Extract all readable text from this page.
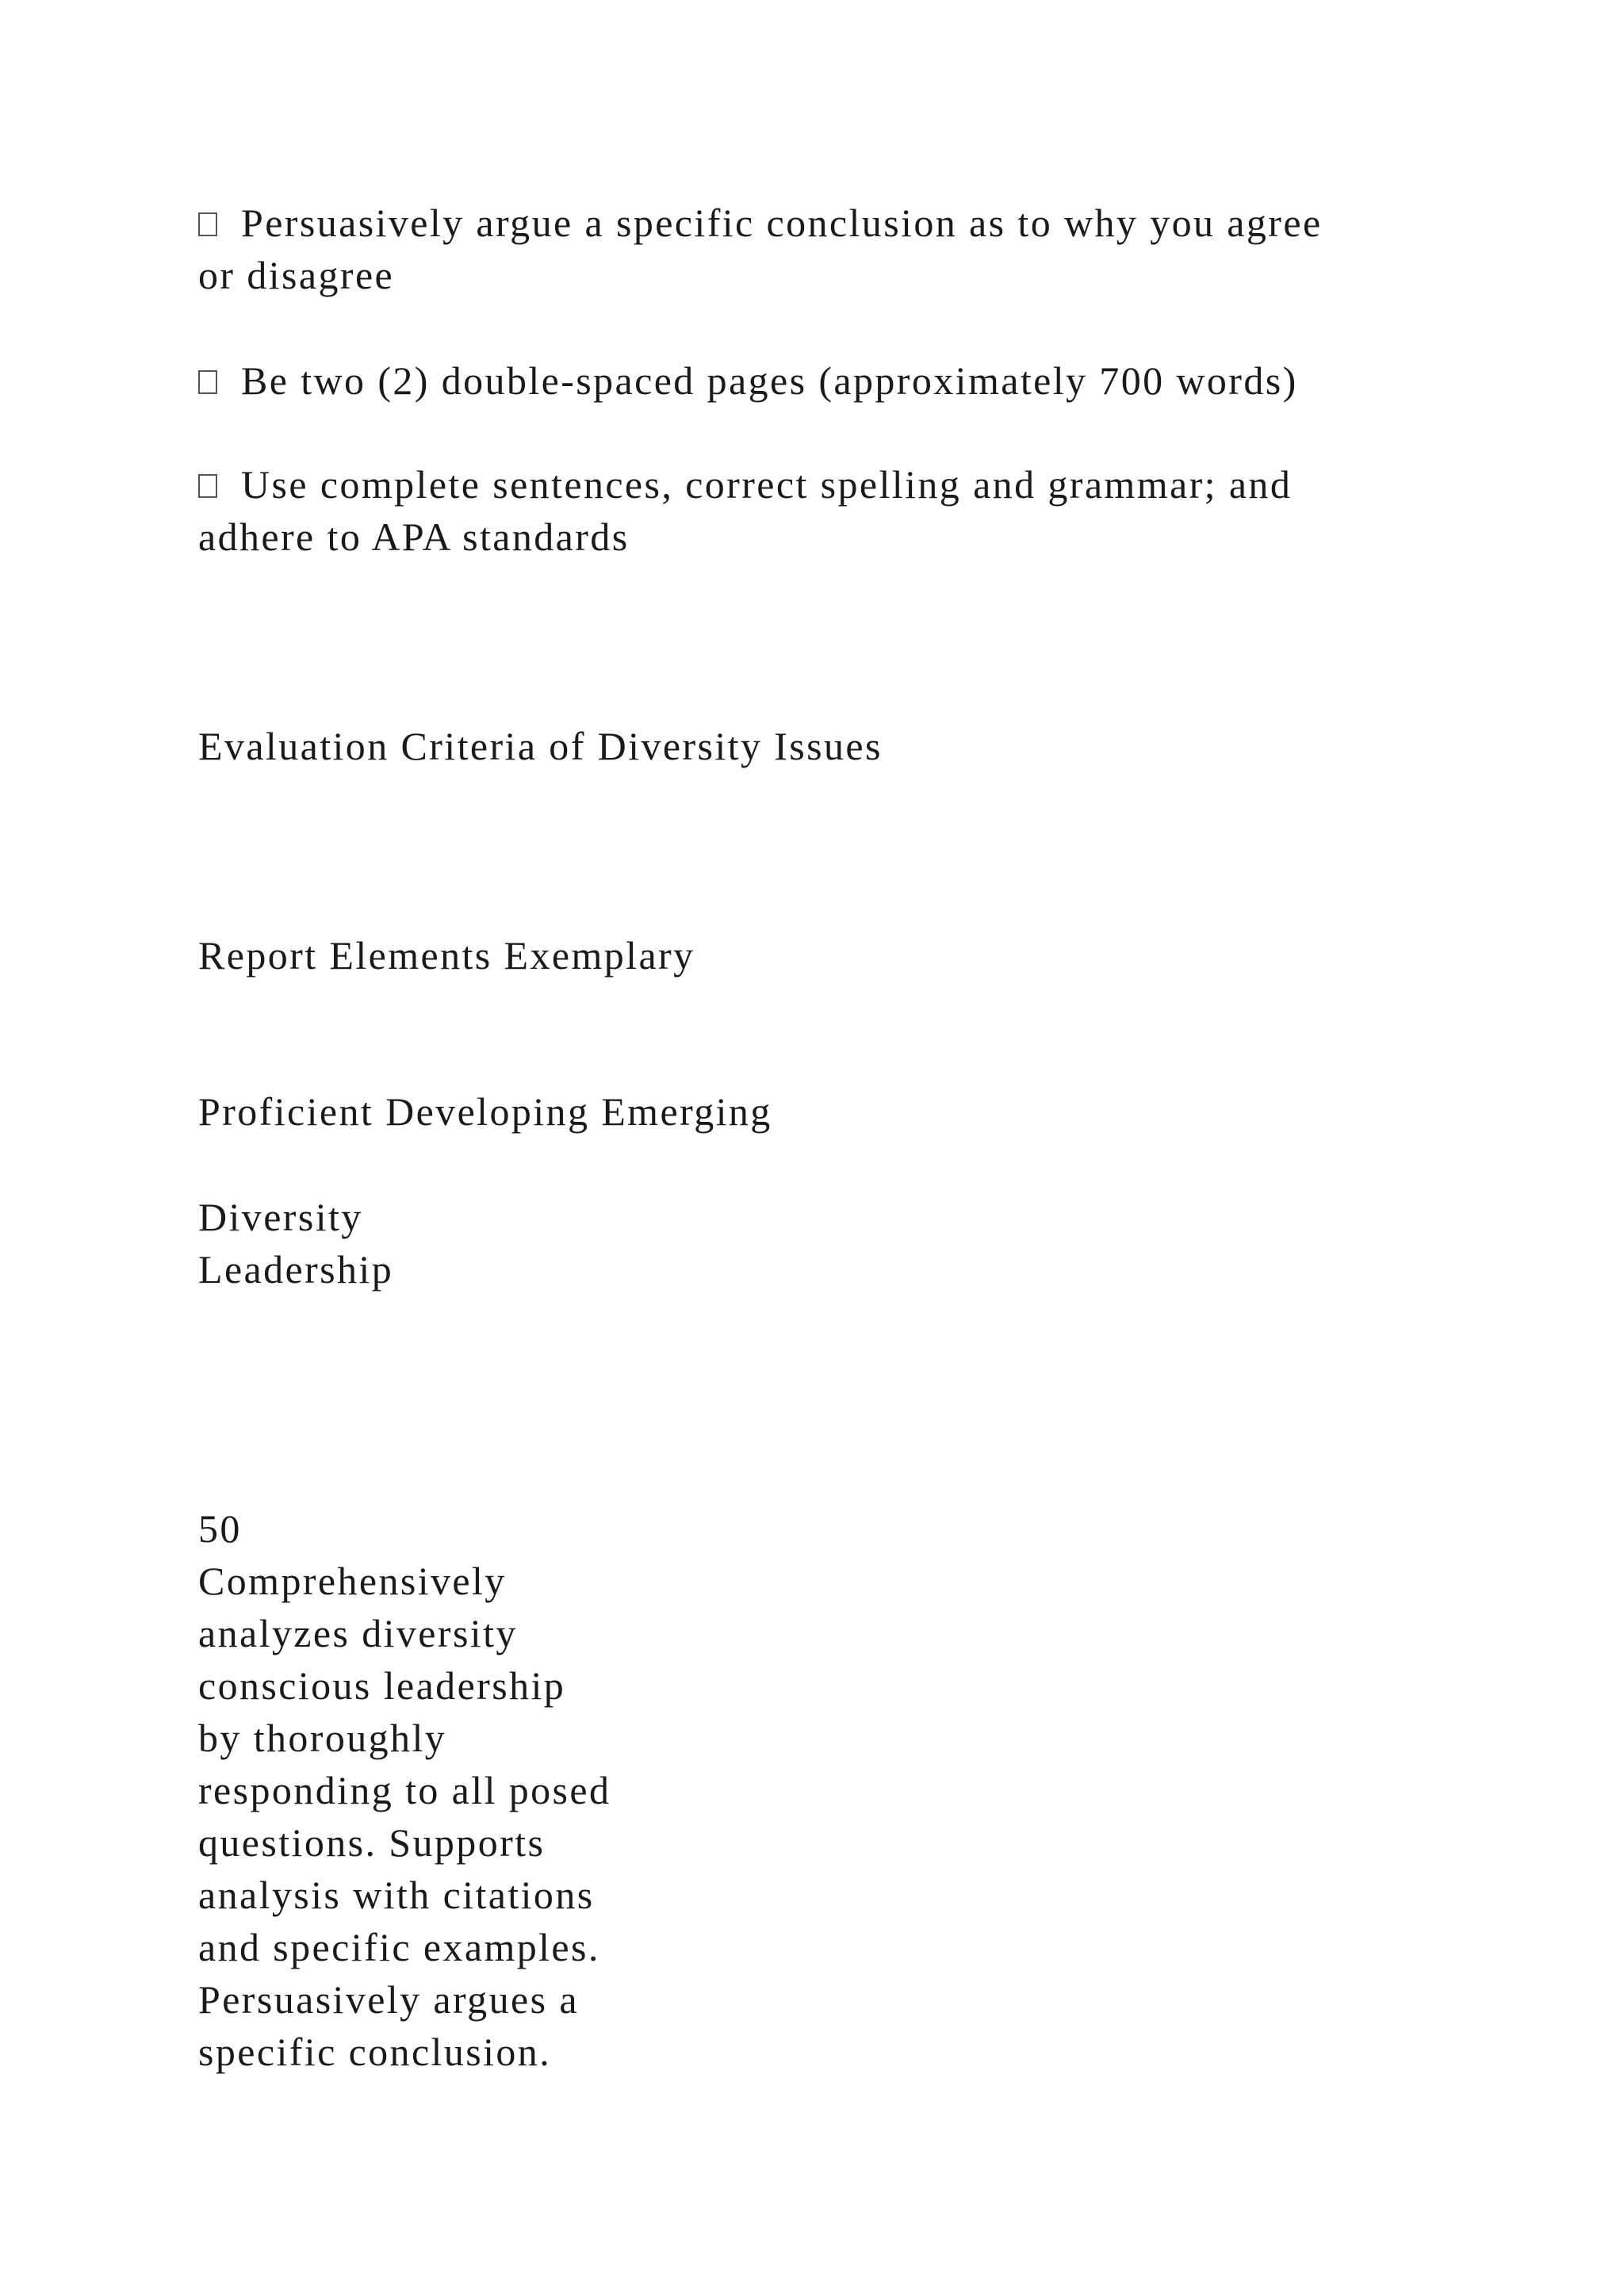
Persuasively argue a specific conclusion as to why you agree
or disagree
Be two (2) double-spaced pages (approximately 700 words)
Use complete sentences, correct spelling and grammar; and
adhere to APA standards
Evaluation Criteria of Diversity Issues
Report Elements Exemplary
Proficient Developing Emerging
Diversity
Leadership
50
Comprehensively
analyzes diversity
conscious leadership
by thoroughly
responding to all posed
questions. Supports
analysis with citations
and specific examples.
Persuasively argues a
specific conclusion.
